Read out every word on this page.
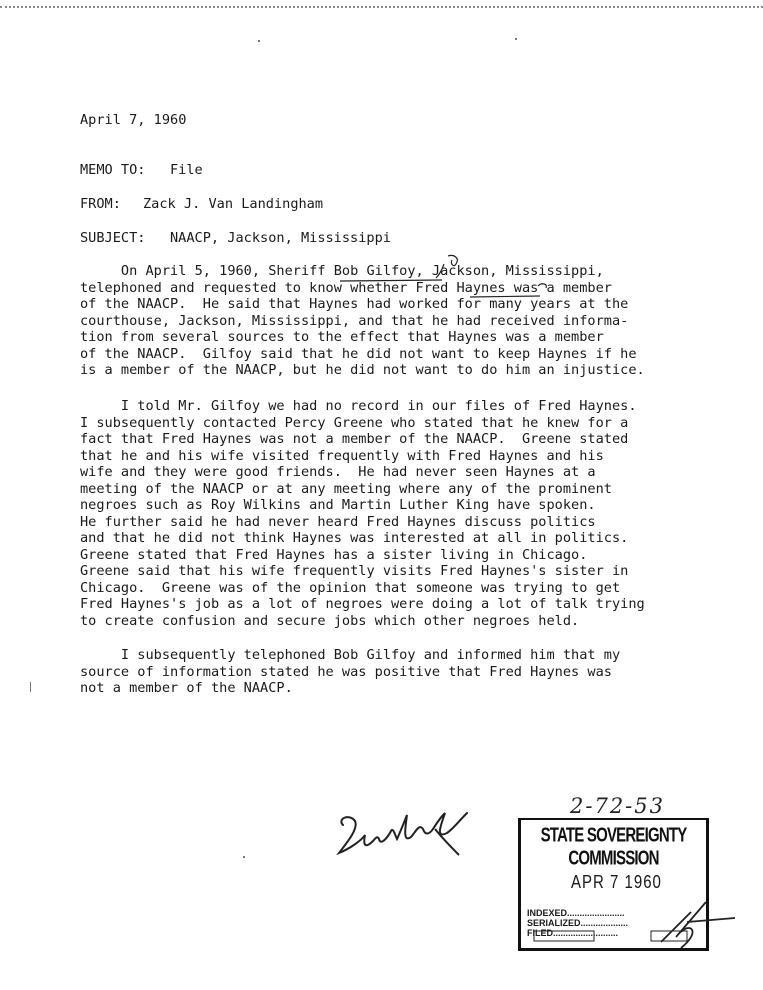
April 7, 1960
MEMO TO: File
FROM: Zack J. Van Landingham
SUBJECT: NAACP, Jackson, Mississippi

On April 5, 1960, Sheriff Bob Gilfoy, Jackson, Mississippi,

telephoned and requested to know whether Fred Haynes was a member

of the NAACP.  He said that Haynes had worked for many years at the

courthouse, Jackson, Mississippi, and that he had received informa-

tion from several sources to the effect that Haynes was a member

of the NAACP.  Gilfoy said that he did not want to keep Haynes if he

is a member of the NAACP, but he did not want to do him an injustice.

I told Mr. Gilfoy we had no record in our files of Fred Haynes.

I subsequently contacted Percy Greene who stated that he knew for a

fact that Fred Haynes was not a member of the NAACP.  Greene stated

that he and his wife visited frequently with Fred Haynes and his

wife and they were good friends.  He had never seen Haynes at a

meeting of the NAACP or at any meeting where any of the prominent

negroes such as Roy Wilkins and Martin Luther King have spoken.

He further said he had never heard Fred Haynes discuss politics

and that he did not think Haynes was interested at all in politics.

Greene stated that Fred Haynes has a sister living in Chicago.

Greene said that his wife frequently visits Fred Haynes's sister in

Chicago.  Greene was of the opinion that someone was trying to get

Fred Haynes's job as a lot of negroes were doing a lot of talk trying

to create confusion and secure jobs which other negroes held.

I subsequently telephoned Bob Gilfoy and informed him that my

source of information stated he was positive that Fred Haynes was

not a member of the NAACP.

2-72-53
STATE SOVEREIGNTY COMMISSION
APR 7 1960
INDEXED.......................
SERIALIZED...................
FILED..........................
